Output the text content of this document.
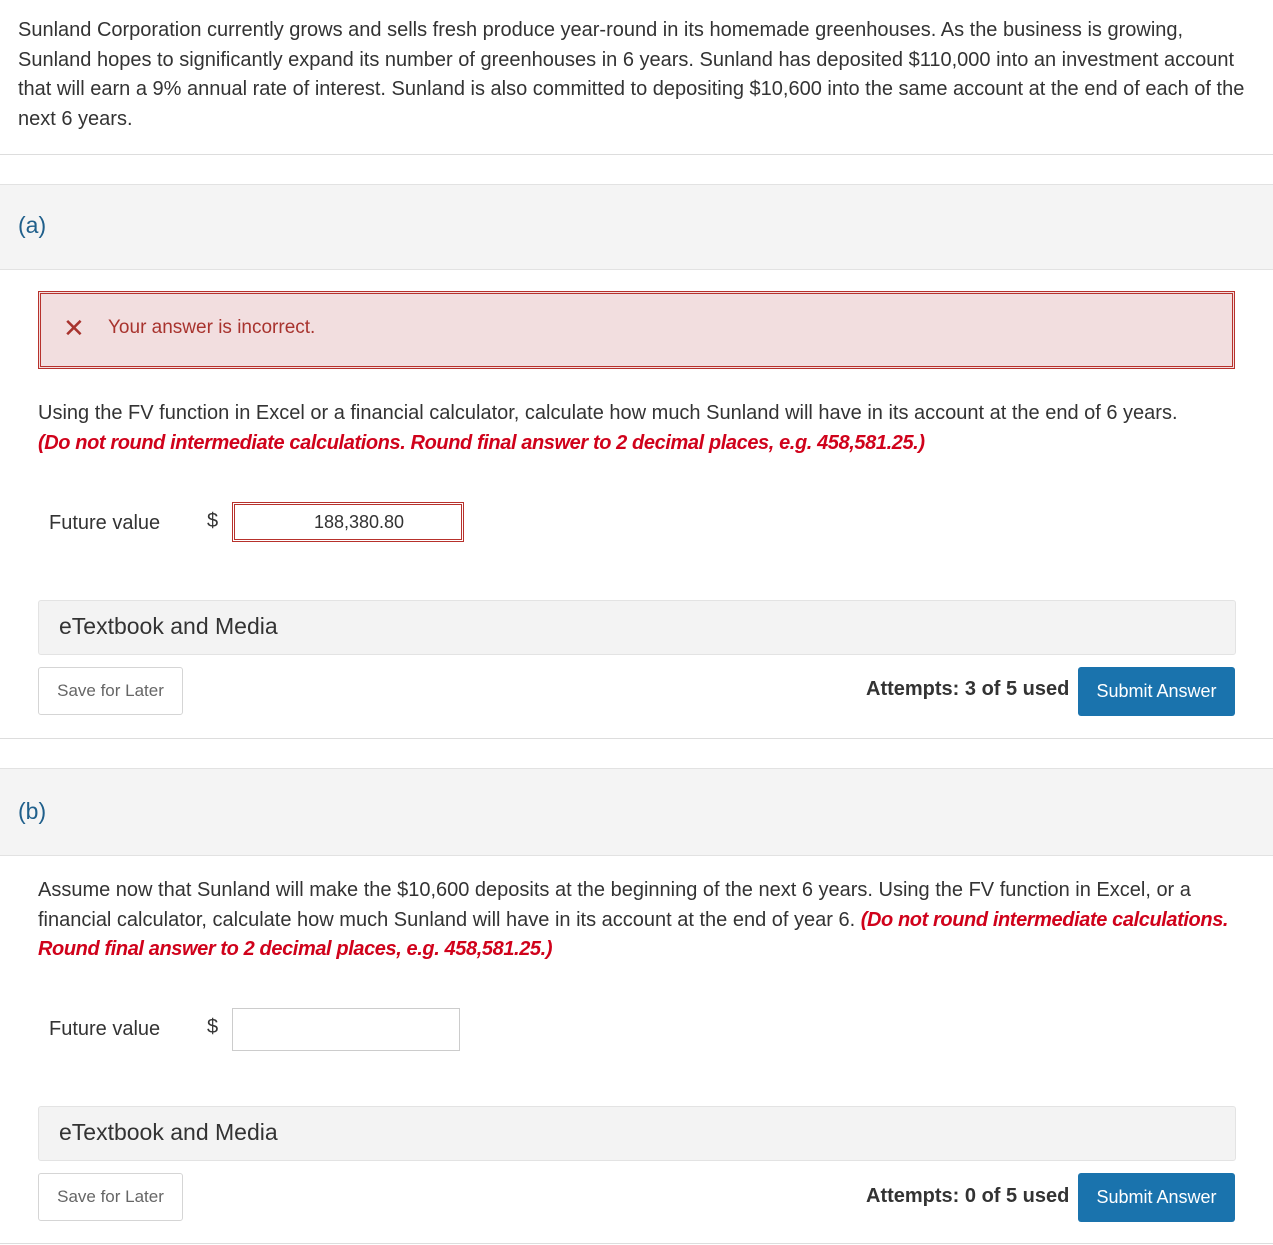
Sunland Corporation currently grows and sells fresh produce year-round in its homemade greenhouses. As the business is growing, Sunland hopes to significantly expand its number of greenhouses in 6 years. Sunland has deposited $110,000 into an investment account that will earn a 9% annual rate of interest. Sunland is also committed to depositing $10,600 into the same account at the end of each of the next 6 years.
(a)
✕ Your answer is incorrect.
Using the FV function in Excel or a financial calculator, calculate how much Sunland will have in its account at the end of 6 years.
(Do not round intermediate calculations. Round final answer to 2 decimal places, e.g. 458,581.25.)
Future value $	188,380.80
eTextbook and Media
Save for Later	Attempts: 3 of 5 used	Submit Answer
(b)
Assume now that Sunland will make the $10,600 deposits at the beginning of the next 6 years. Using the FV function in Excel, or a financial calculator, calculate how much Sunland will have in its account at the end of year 6. (Do not round intermediate calculations. Round final answer to 2 decimal places, e.g. 458,581.25.)
Future value $
eTextbook and Media
Save for Later	Attempts: 0 of 5 used	Submit Answer
